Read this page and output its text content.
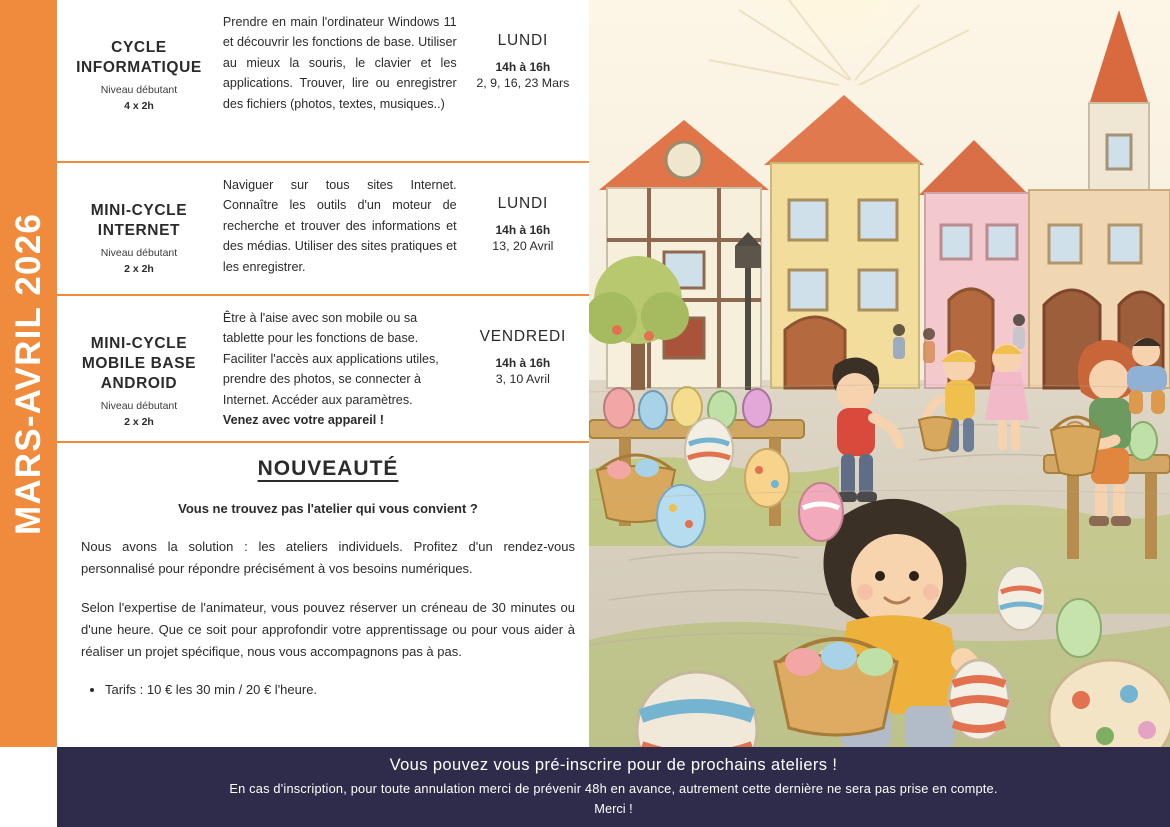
MARS-AVRIL 2026
CYCLE INFORMATIQUE
Niveau débutant
4 x 2h
Prendre en main l'ordinateur Windows 11 et découvrir les fonctions de base. Utiliser au mieux la souris, le clavier et les applications. Trouver, lire ou enregistrer des fichiers (photos, textes, musiques..)
LUNDI
14h à 16h
2, 9, 16, 23 Mars
MINI-CYCLE INTERNET
Niveau débutant
2 x 2h
Naviguer sur tous sites Internet. Connaître les outils d'un moteur de recherche et trouver des informations et des médias. Utiliser des sites pratiques et les enregistrer.
LUNDI
14h à 16h
13, 20 Avril
MINI-CYCLE MOBILE BASE ANDROID
Niveau débutant
2 x 2h
Être à l'aise avec son mobile ou sa tablette pour les fonctions de base. Faciliter l'accès aux applications utiles, prendre des photos, se connecter à Internet. Accéder aux paramètres.
Venez avec votre appareil !
VENDREDI
14h à 16h
3, 10 Avril
NOUVEAUTÉ
Vous ne trouvez pas l'atelier qui vous convient ?
Nous avons la solution : les ateliers individuels. Profitez d'un rendez-vous personnalisé pour répondre précisément à vos besoins numériques.
Selon l'expertise de l'animateur, vous pouvez réserver un créneau de 30 minutes ou d'une heure. Que ce soit pour approfondir votre apprentissage ou pour vous aider à réaliser un projet spécifique, nous vous accompagnons pas à pas.
• Tarifs : 10 € les 30 min / 20 € l'heure.
Vous pouvez vous pré-inscrire pour de prochains ateliers !
En cas d'inscription, pour toute annulation merci de prévenir 48h en avance, autrement cette dernière ne sera pas prise en compte.
Merci !
